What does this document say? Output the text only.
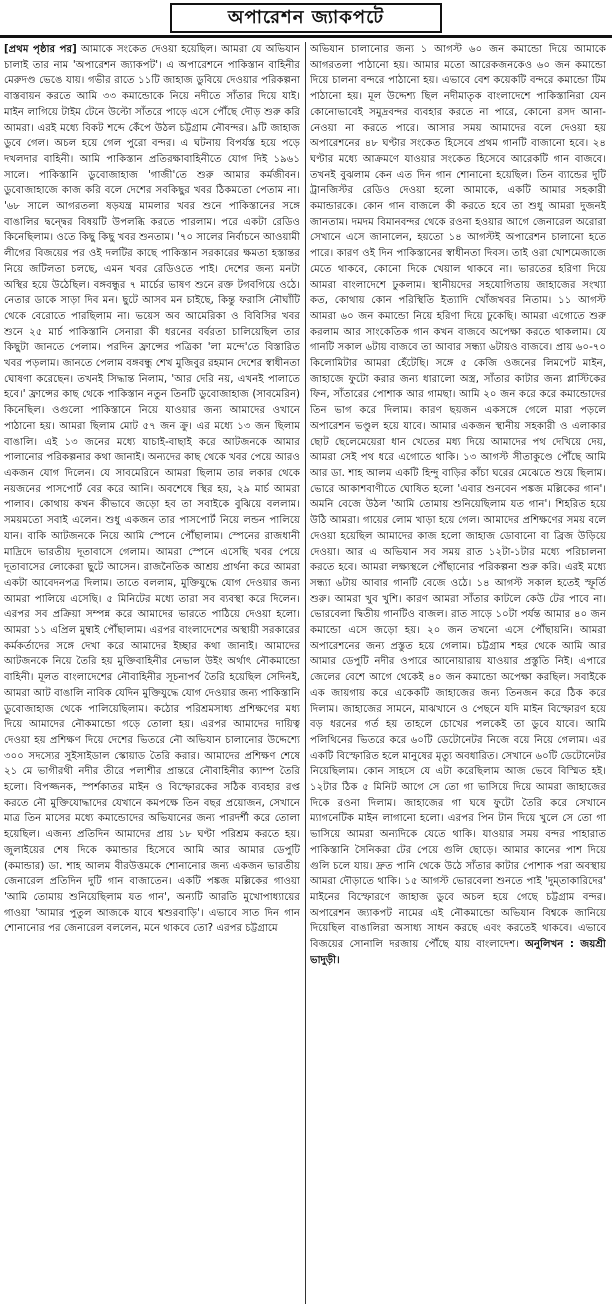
অপারেশন জ্যাকপটে

[প্রথম পৃষ্ঠার পর] আমাকে সংকেত দেওয়া হয়েছিল। আমরা যে অভিযান চালাই তার নাম 'অপারেশন জ্যাকপট'। এ অপারেশনে পাকিস্তান বাহিনীর মেরুদণ্ড ভেঙে যায়। গভীর রাতে ১১টি জাহাজ ডুবিয়ে দেওয়ার পরিকল্পনা বাস্তবায়ন করতে আমি ৩৩ কমান্ডোকে নিয়ে নদীতে সাঁতার দিয়ে যাই। মাইন লাগিয়ে টাইম টেনে উল্টো সাঁতরে পাড়ে এসে পৌঁছে দৌড় শুরু করি আমরা। এরই মধ্যে বিকট শব্দে কেঁপে উঠল চট্টগ্রাম নৌবন্দর। ৯টি জাহাজ ডুবে গেল। অচল হয়ে গেল পুরো বন্দর। এ ঘটনায় বিপর্যস্ত হয়ে পড়ে দখলদার বাহিনী। আমি পাকিস্তান প্রতিরক্ষাবাহিনীতে যোগ দিই ১৯৬১ সালে। পাকিস্তানি ডুবোজাহাজ 'গাজী'তে শুরু আমার কর্মজীবন। ডুবোজাহাজে কাজ করি বলে দেশের সবকিছুর খবর ঠিকমতো পেতাম না। '৬৮ সালে আগরতলা ষড়যন্ত্র মামলার খবর শুনে পাকিস্তানের সঙ্গে বাঙালির দ্বন্দ্বের বিষয়টি উপলব্ধি করতে পারলাম। পরে একটা রেডিও কিনেছিলাম। ওতে কিছু কিছু খবর শুনতাম। '৭০ সালের নির্বাচনে আওয়ামী লীগের বিজয়ের পর ওই দলটির কাছে পাকিস্তান সরকারের ক্ষমতা হস্তান্তর নিয়ে জটিলতা চলছে, এমন খবর রেডিওতে পাই। দেশের জন্য মনটা অস্থির হয়ে উঠেছিল। বঙ্গবন্ধুর ৭ মার্চের ভাষণ শুনে রক্ত টগবগিয়ে ওঠে। নেতার ডাকে সাড়া দিব মন। ছুটে আসব মন চাইছে, কিন্তু ফরাসি নৌঘাঁটি থেকে বেরোতে পারছিলাম না। ভয়েস অব আমেরিকা ও বিবিসির খবর শুনে ২৫ মার্চ পাকিস্তানি সেনারা কী ধরনের বর্বরতা চালিয়েছিল তার কিছুটা জানতে পেলাম। পরদিন ফ্রান্সের পত্রিকা 'লা মন্দে'তে বিস্তারিত খবর পড়লাম। জানতে পেলাম বঙ্গবন্ধু শেখ মুজিবুর রহমান দেশের স্বাধীনতা ঘোষণা করেছেন। তখনই সিদ্ধান্ত নিলাম, 'আর দেরি নয়, এখনই পালাতে হবে।' ফ্রান্সের কাছ থেকে পাকিস্তান নতুন তিনটি ডুবোজাহাজ (সাবমেরিন) কিনেছিল। ওগুলো পাকিস্তানে নিয়ে যাওয়ার জন্য আমাদের ওখানে পাঠানো হয়। আমরা ছিলাম মোট ৫৭ জন ক্রু। এর মধ্যে ১৩ জন ছিলাম বাঙালি। এই ১৩ জনের মধ্যে যাচাই-বাছাই করে আটজনকে আমার পালানোর পরিকল্পনার কথা জানাই। অন্যদের কাছ থেকে খবর পেয়ে আরও একজন যোগ দিলেন। যে সাবমেরিনে আমরা ছিলাম তার লকার থেকে নয়জনের পাসপোর্ট বের করে আনি। অবশেষে স্থির হয়, ২৯ মার্চ আমরা পালাব। কোথায় কখন কীভাবে জড়ো হব তা সবাইকে বুঝিয়ে বললাম। সময়মতো সবাই এলেন। শুধু একজন তার পাসপোর্ট নিয়ে লন্ডন পালিয়ে যান। বাকি আটজনকে নিয়ে আমি স্পেনে পৌঁছালাম। স্পেনের রাজধানী মাদ্রিদে ভারতীয় দূতাবাসে গেলাম। আমরা স্পেনে এসেছি খবর পেয়ে দূতাবাসের লোকেরা ছুটে আসেন। রাজনৈতিক আশ্রয় প্রার্থনা করে আমরা একটা আবেদনপত্র দিলাম। তাতে বললাম, মুক্তিযুদ্ধে যোগ দেওয়ার জন্য আমরা পালিয়ে এসেছি। ৫ মিনিটের মধ্যে তারা সব ব্যবস্থা করে দিলেন। এরপর সব প্রক্রিয়া সম্পন্ন করে আমাদের ভারতে পাঠিয়ে দেওয়া হলো। আমরা ১১ এপ্রিল মুম্বাই পৌঁছালাম। এরপর বাংলাদেশের অস্থায়ী সরকারের কর্মকর্তাদের সঙ্গে দেখা করে আমাদের ইচ্ছার কথা জানাই। আমাদের আটজনকে নিয়ে তৈরি হয় মুক্তিবাহিনীর নেভাল উইং অর্থাৎ নৌকমান্ডো বাহিনী। মূলত বাংলাদেশের নৌবাহিনীর সূচনাপর্ব তৈরি হয়েছিল সেদিনই, আমরা আট বাঙালি নাবিক যেদিন মুক্তিযুদ্ধে যোগ দেওয়ার জন্য পাকিস্তানি ডুবোজাহাজ থেকে পালিয়েছিলাম। কঠোর পরিশ্রমসাধ্য প্রশিক্ষণের মধ্য দিয়ে আমাদের নৌকমান্ডো গড়ে তোলা হয়। এরপর আমাদের দায়িত্ব দেওয়া হয় প্রশিক্ষণ দিয়ে দেশের ভিতরে নৌ অভিযান চালানোর উদ্দেশ্যে ৩০০ সদস্যের সুইসাইডাল স্কোয়াড তৈরি করার। আমাদের প্রশিক্ষণ শেষে ২১ মে ভাগীরথী নদীর তীরে পলাশীর প্রান্তরে নৌবাহিনীর ক্যাম্প তৈরি হলো। বিপজ্জনক, স্পর্শকাতর মাইন ও বিস্ফোরকের সঠিক ব্যবহার রপ্ত করতে নৌ মুক্তিযোদ্ধাদের যেখানে কমপক্ষে তিন বছর প্রয়োজন, সেখানে মাত্র তিন মাসের মধ্যে কমান্ডোদের অভিযানের জন্য পারদর্শী করে তোলা হয়েছিল। এজন্য প্রতিদিন আমাদের প্রায় ১৮ ঘণ্টা পরিশ্রম করতে হয়। জুলাইয়ের শেষ দিকে কমান্ডার হিসেবে আমি আর আমার ডেপুটি (কমান্ডার) ডা. শাহ আলম বীরউত্তমকে শোনানোর জন্য একজন ভারতীয় জেনারেল প্রতিদিন দুটি গান বাজাতেন। একটি পঙ্কজ মল্লিকের গাওয়া 'আমি তোমায় শুনিয়েছিলাম যত গান', অন্যটি আরতি মুখোপাধ্যায়ের গাওয়া 'আমার পুতুল আজকে যাবে শ্বশুরবাড়ি'। এভাবে সাত দিন গান শোনানোর পর জেনারেল বললেন, মনে থাকবে তো? এরপর চট্টগ্রামে

অভিযান চালানোর জন্য ১ আগস্ট ৬০ জন কমান্ডো দিয়ে আমাকে আগরতলা পাঠানো হয়। আমার মতো আরেকজনকেও ৬০ জন কমান্ডো দিয়ে চালনা বন্দরে পাঠানো হয়। এভাবে বেশ কয়েকটি বন্দরে কমান্ডো টিম পাঠানো হয়। মূল উদ্দেশ্য ছিল নদীমাতৃক বাংলাদেশে পাকিস্তানিরা যেন কোনোভাবেই সমুদ্রবন্দর ব্যবহার করতে না পারে, কোনো রসদ আনা-নেওয়া না করতে পারে। আসার সময় আমাদের বলে দেওয়া হয় অপারেশনের ৪৮ ঘণ্টার সংকেত হিসেবে প্রথম গানটি বাজানো হবে। ২৪ ঘণ্টার মধ্যে আক্রমণে যাওয়ার সংকেত হিসেবে আরেকটি গান বাজবে। তখনই বুঝলাম কেন এত দিন গান শোনানো হয়েছিল। তিন ব্যান্ডের দুটি ট্রানজিস্টর রেডিও দেওয়া হলো আমাকে, একটি আমার সহকারী কমান্ডারকে। কোন গান বাজলে কী করতে হবে তা শুধু আমরা দুজনই জানতাম। দমদম বিমানবন্দর থেকে রওনা হওয়ার আগে জেনারেল অরোরা সেখানে এসে জানালেন, হয়তো ১৪ আগস্টই অপারেশন চালানো হতে পারে। কারণ ওই দিন পাকিস্তানের স্বাধীনতা দিবস। তাই ওরা খোশমেজাজে মেতে থাকবে, কোনো দিকে খেয়াল থাকবে না। ভারতের হরিণা দিয়ে আমরা বাংলাদেশে ঢুকলাম। স্থানীয়দের সহযোগিতায় জাহাজের সংখ্যা কত, কোথায় কোন পরিস্থিতি ইত্যাদি খোঁজখবর নিতাম। ১১ আগস্ট আমরা ৬০ জন কমান্ডো নিয়ে হরিণা দিয়ে ঢুকেছি। আমরা এগোতে শুরু করলাম আর সাংকেতিক গান কখন বাজবে অপেক্ষা করতে থাকলাম। যে গানটি সকাল ৬টায় বাজবে তা আবার সন্ধ্যা ৬টায়ও বাজবে। প্রায় ৬০-৭০ কিলোমিটার আমরা হেঁটেছি। সঙ্গে ৫ কেজি ওজনের লিমপেট মাইন, জাহাজে ফুটো করার জন্য ধারালো অস্ত্র, সাঁতার কাটার জন্য প্লাস্টিকের ফিন, সাঁতারের পোশাক আর গামছা। আমি ২০ জন করে করে কমান্ডোদের তিন ভাগ করে দিলাম। কারণ ছয়জন একসঙ্গে গেলে মারা পড়লে অপারেশন ভণ্ডুল হয়ে যাবে। আমার একজন স্থানীয় সহকারী ও এলাকার ছোট ছেলেমেয়েরা ধান খেতের মধ্য দিয়ে আমাদের পথ দেখিয়ে দেয়, আমরা সেই পথ ধরে এগোতে থাকি। ১৩ আগস্ট সীতাকুণ্ডে পৌঁছে আমি আর ডা. শাহ আলম একটি হিন্দু বাড়ির কাঁচা ঘরের মেঝেতে শুয়ে ছিলাম। ভোরে আকাশবাণীতে ঘোষিত হলো 'এবার শুনবেন পঙ্কজ মল্লিকের গান'। অমনি বেজে উঠল 'আমি তোমায় শুনিয়েছিলাম যত গান'। শিহরিত হয়ে উঠি আমরা। গায়ের লোম খাড়া হয়ে গেল। আমাদের প্রশিক্ষণের সময় বলে দেওয়া হয়েছিল আমাদের কাজ হলো জাহাজ ডোবানো বা ব্রিজ উড়িয়ে দেওয়া। আর এ অভিযান সব সময় রাত ১২টা-১টার মধ্যে পরিচালনা করতে হবে। আমরা লক্ষ্যস্থলে পৌঁছানোর পরিকল্পনা শুরু করি। এরই মধ্যে সন্ধ্যা ৬টায় আবার গানটি বেজে ওঠে। ১৪ আগস্ট সকাল হতেই স্ফূর্তি শুরু। আমরা খুব খুশি। কারণ আমরা সাঁতার কাটলে কেউ টের পাবে না। ভোরবেলা দ্বিতীয় গানটিও বাজল। রাত সাড়ে ১০টা পর্যন্ত আমার ৪০ জন কমান্ডো এসে জড়ো হয়। ২০ জন তখনো এসে পৌঁছায়নি। আমরা অপারেশনের জন্য প্রস্তুত হয়ে গেলাম। চট্টগ্রাম শহর থেকে আমি আর আমার ডেপুটি নদীর ওপারে আনোয়ারায় যাওয়ার প্রস্তুতি নিই। এপারে জেলের বেশে আগে থেকেই ৪০ জন কমান্ডো অপেক্ষা করছিল। সবাইকে এক জায়গায় করে একেকটি জাহাজের জন্য তিনজন করে ঠিক করে দিলাম। জাহাজের সামনে, মাঝখানে ও পেছনে যদি মাইন বিস্ফোরণ হয়ে বড় ধরনের গর্ত হয় তাহলে চোখের পলকেই তা ডুবে যাবে। আমি পলিথিনের ভিতরে করে ৬০টি ডেটোনেটর নিজে বয়ে নিয়ে গেলাম। এর একটি বিস্ফোরিত হলে মানুষের মৃত্যু অবধারিত। সেখানে ৬০টি ডেটোনেটর নিয়েছিলাম। কোন সাহসে যে এটা করেছিলাম আজ ভেবে বিস্মিত হই। ১২টার ঠিক ৫ মিনিট আগে সে তো গা ভাসিয়ে দিয়ে আমরা জাহাজের দিকে রওনা দিলাম। জাহাজের গা ঘষে ফুটো তৈরি করে সেখানে ম্যাগনেটিক মাইন লাগানো হলো। এরপর পিন টান দিয়ে খুলে সে তো গা ভাসিয়ে আমরা অন্যদিকে যেতে থাকি। যাওয়ার সময় বন্দর পাহারাত পাকিস্তানি সৈনিকরা টের পেয়ে গুলি ছোড়ে। আমার কানের পাশ দিয়ে গুলি চলে যায়। দ্রুত পানি থেকে উঠে সাঁতার কাটার পোশাক পরা অবস্থায় আমরা দৌড়াতে থাকি। ১৫ আগস্ট ভোরবেলা শুনতে পাই 'দুম্‌তাকারিদের' মাইনের বিস্ফোরণে জাহাজ ডুবে অচল হয়ে গেছে চট্টগ্রাম বন্দর। অপারেশন জ্যাকপট নামের এই নৌকমান্ডো অভিযান বিশ্বকে জানিয়ে দিয়েছিল বাঙালিরা অসাধ্য সাধন করছে এবং করতেই থাকবে। এভাবে বিজয়ের সোনালি দরজায় পৌঁছে যায় বাংলাদেশ। অনুলিখন : জয়শ্রী ভাদুড়ী।
